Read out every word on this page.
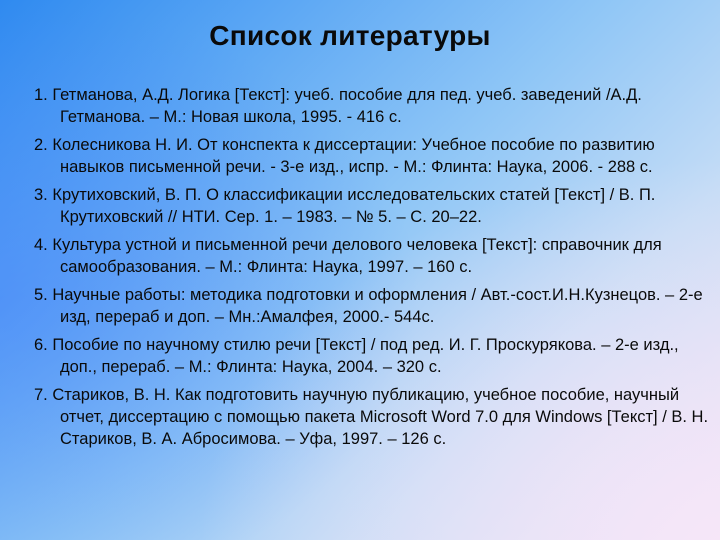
Список литературы
1. Гетманова, А.Д. Логика [Текст]: учеб. пособие для пед. учеб. заведений /А.Д. Гетманова. – М.: Новая школа, 1995. - 416 с.
2. Колесникова Н. И. От конспекта к диссертации: Учебное пособие по развитию навыков письменной речи. - 3-е изд., испр. - М.: Флинта: Наука, 2006. - 288 с.
3. Крутиховский, В. П. О классификации исследовательских статей [Текст] / В. П. Крутиховский // НТИ. Сер. 1. – 1983. – № 5. – С. 20–22.
4. Культура устной и письменной речи делового человека [Текст]: справочник для самообразования. – М.: Флинта: Наука, 1997. – 160 с.
5. Научные работы: методика подготовки и оформления / Авт.-сост.И.Н.Кузнецов. – 2-е изд, перераб и доп. – Мн.:Амалфея, 2000.- 544с.
6. Пособие по научному стилю речи [Текст] / под ред. И. Г. Проскурякова. – 2-е изд., доп., перераб. – М.: Флинта: Наука, 2004. – 320 с.
7. Стариков, В. Н. Как подготовить научную публикацию, учебное пособие, научный отчет, диссертацию с помощью пакета Microsoft Word 7.0 для Windows [Текст] / В. Н. Стариков, В. А. Абросимова. – Уфа, 1997. – 126 с.
